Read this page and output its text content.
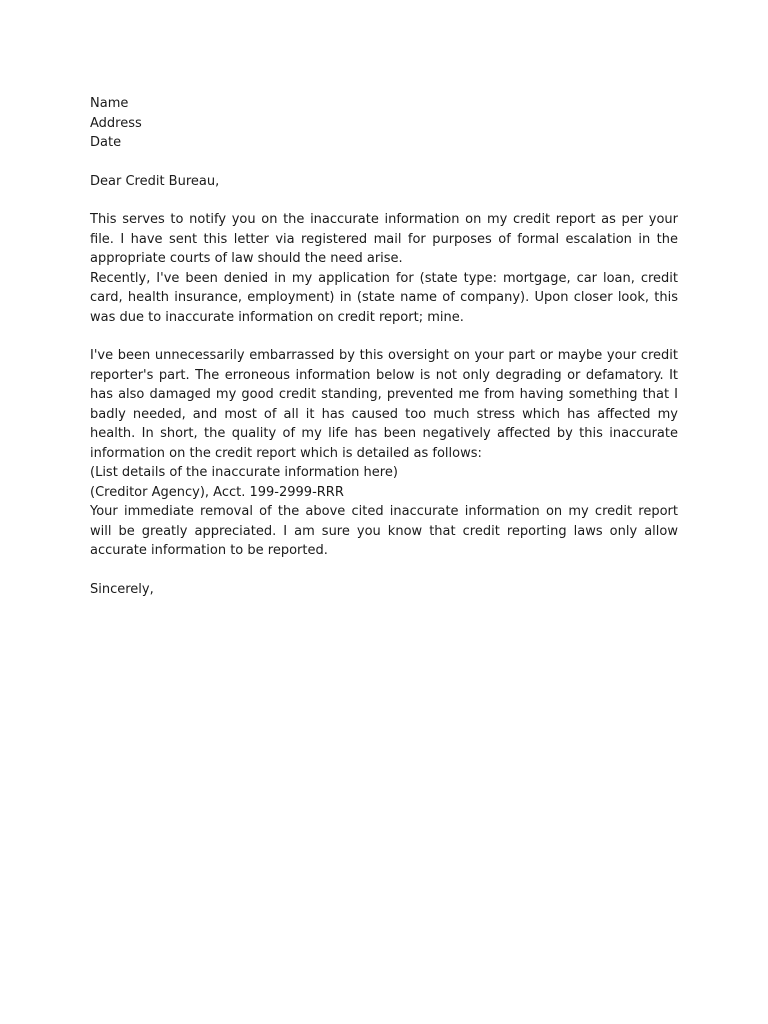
Name
Address
Date
Dear Credit Bureau,

This serves to notify you on the inaccurate information on my credit report as per your file. I have sent this letter via registered mail for purposes of formal escalation in the appropriate courts of law should the need arise.

Recently, I've been denied in my application for (state type: mortgage, car loan, credit card, health insurance, employment) in (state name of company). Upon closer look, this was due to inaccurate information on credit report; mine.

I've been unnecessarily embarrassed by this oversight on your part or maybe your credit reporter's part. The erroneous information below is not only degrading or defamatory. It has also damaged my good credit standing, prevented me from having something that I badly needed, and most of all it has caused too much stress which has affected my health. In short, the quality of my life has been negatively affected by this inaccurate information on the credit report which is detailed as follows:

(List details of the inaccurate information here)
(Creditor Agency), Acct. 199-2999-RRR

Your immediate removal of the above cited inaccurate information on my credit report will be greatly appreciated. I am sure you know that credit reporting laws only allow accurate information to be reported.

Sincerely,
